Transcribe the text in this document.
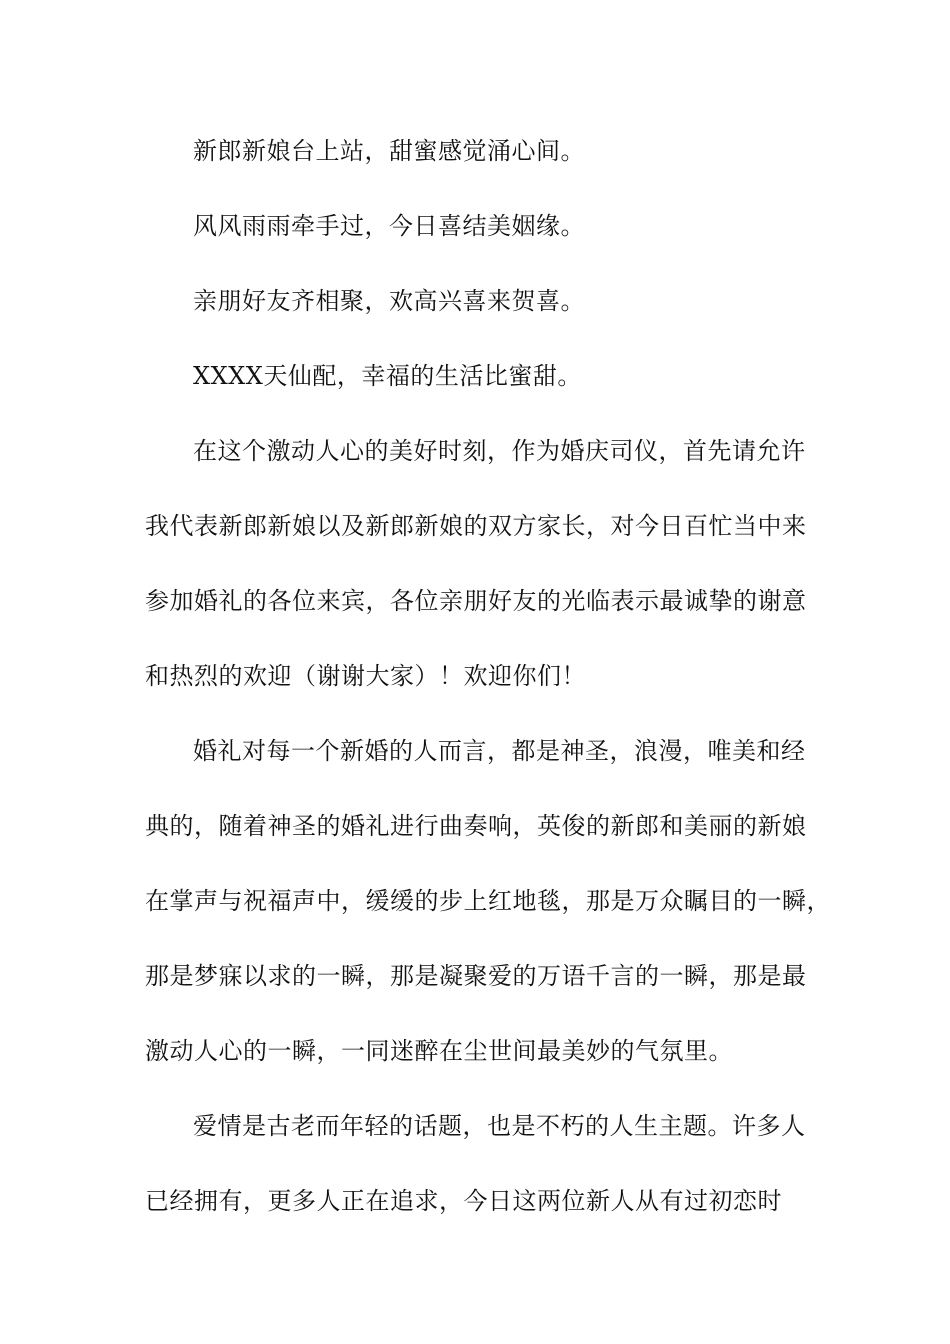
新郎新娘台上站，甜蜜感觉涌心间。
风风雨雨牵手过，今日喜结美姻缘。
亲朋好友齐相聚，欢高兴喜来贺喜。
XXXX天仙配，幸福的生活比蜜甜。
在这个激动人心的美好时刻，作为婚庆司仪，首先请允许
我代表新郎新娘以及新郎新娘的双方家长，对今日百忙当中来
参加婚礼的各位来宾，各位亲朋好友的光临表示最诚挚的谢意
和热烈的欢迎（谢谢大家）！欢迎你们！
婚礼对每一个新婚的人而言，都是神圣，浪漫，唯美和经
典的，随着神圣的婚礼进行曲奏响，英俊的新郎和美丽的新娘
在掌声与祝福声中，缓缓的步上红地毯，那是万众瞩目的一瞬，
那是梦寐以求的一瞬，那是凝聚爱的万语千言的一瞬，那是最
激动人心的一瞬，一同迷醉在尘世间最美妙的气氛里。
爱情是古老而年轻的话题，也是不朽的人生主题。许多人
已经拥有，更多人正在追求，今日这两位新人从有过初恋时
